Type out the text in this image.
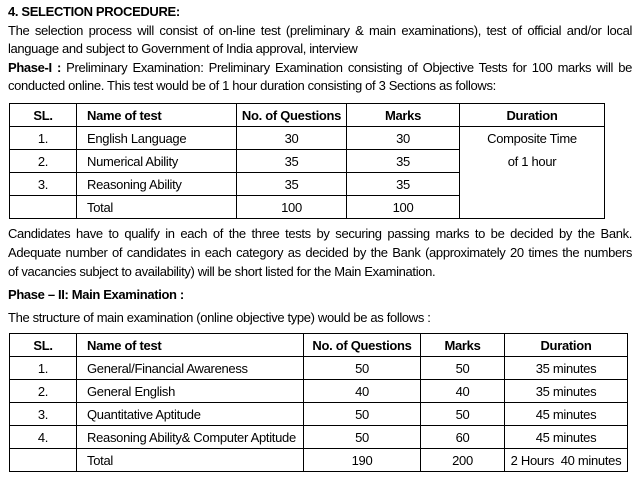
4. SELECTION PROCEDURE:
The selection process will consist of on-line test (preliminary & main examinations), test of official and/or local
language and subject to Government of India approval, interview
Phase-I : Preliminary Examination: Preliminary Examination consisting of Objective Tests for 100 marks will be
conducted online. This test would be of 1 hour duration consisting of 3 Sections as follows:
SL.	Name of test	No. of Questions	Marks	Duration
1.	English Language	30	30	Composite Time
2.	Numerical Ability	35	35	of 1 hour
3.	Reasoning Ability	35	35	
	Total	100	100	
Candidates have to qualify in each of the three tests by securing passing marks to be decided by the Bank.
Adequate number of candidates in each category as decided by the Bank (approximately 20 times the numbers
of vacancies subject to availability) will be short listed for the Main Examination.
Phase – II: Main Examination :
The structure of main examination (online objective type) would be as follows :
SL.	Name of test	No. of Questions	Marks	Duration
1.	General/Financial Awareness	50	50	35 minutes
2.	General English	40	40	35 minutes
3.	Quantitative Aptitude	50	50	45 minutes
4.	Reasoning Ability& Computer Aptitude	50	60	45 minutes
	Total	190	200	2 Hours  40 minutes
